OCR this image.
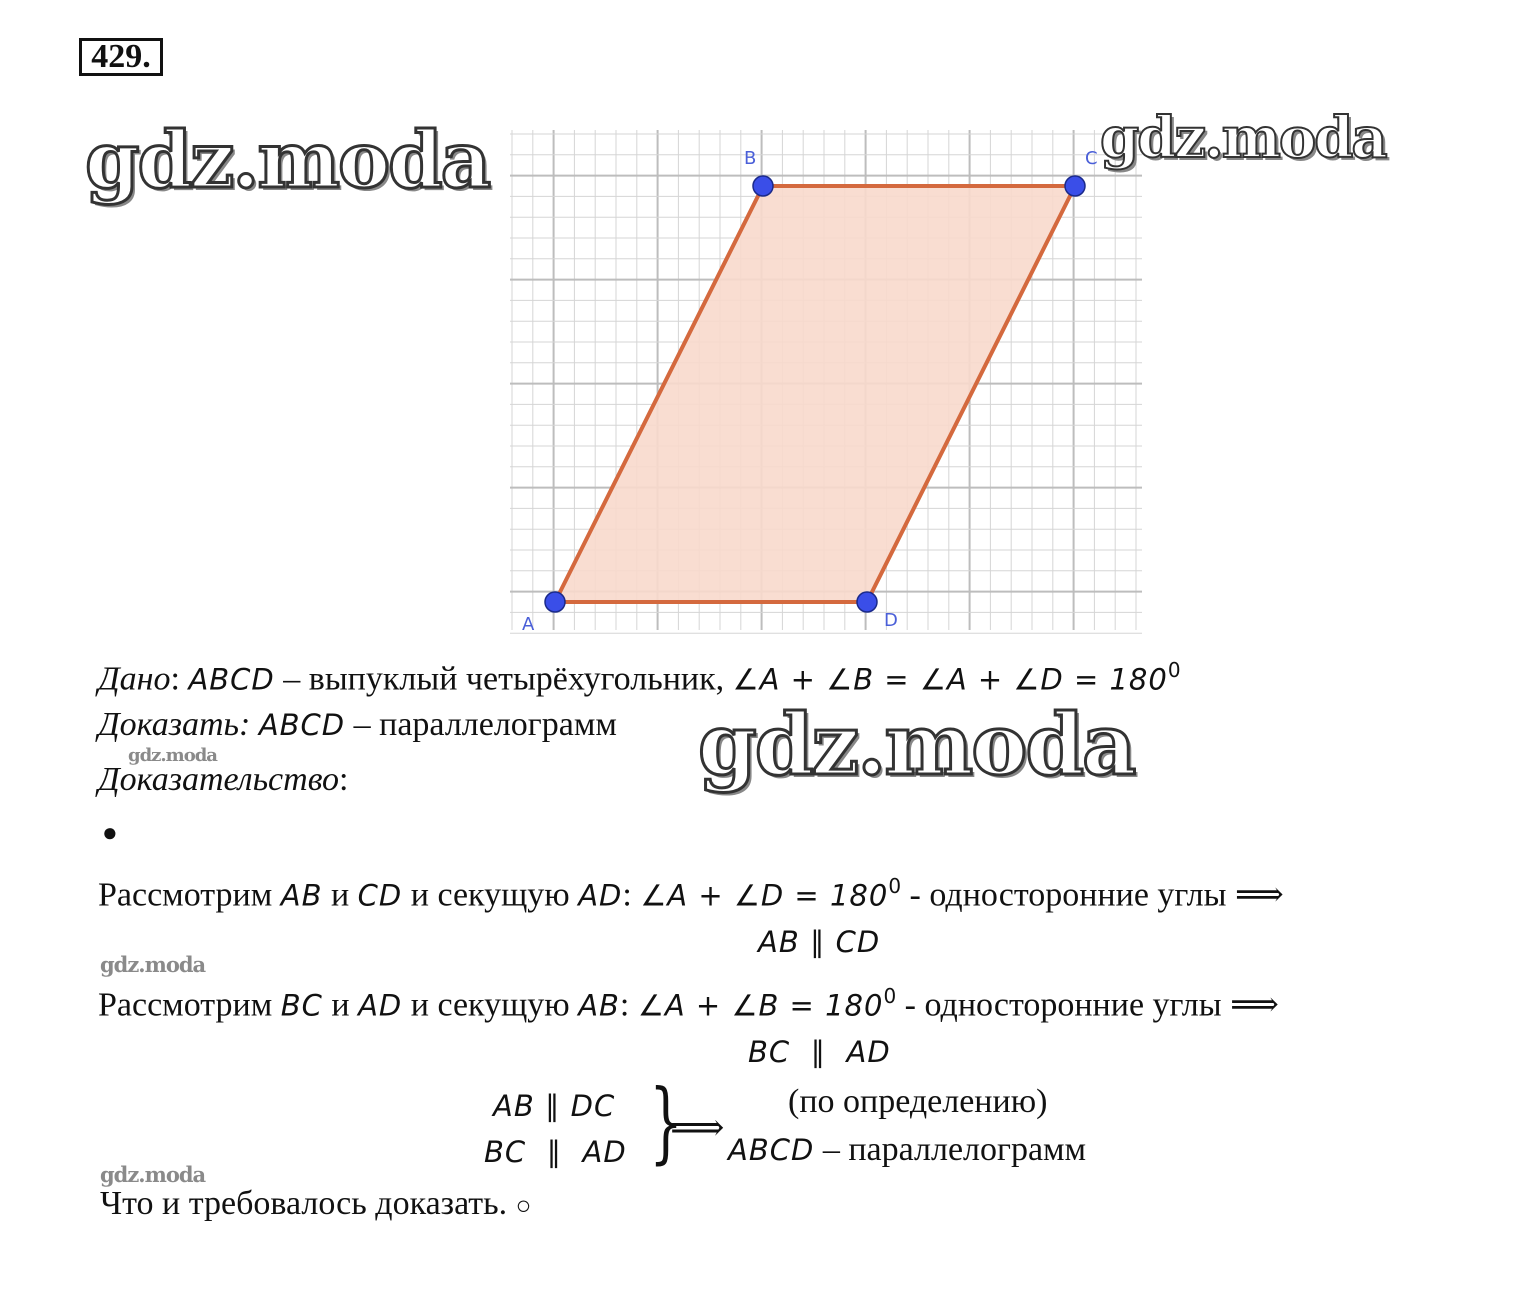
429.
B	C
A	D
gdz.moda	gdz.moda
Дано: ABCD – выпуклый четырёхугольник, ∠A + ∠B = ∠A + ∠D = $180^0$
Доказать: ABCD – параллелограмм gdz.moda
gdz.moda
Доказательство:
●
Рассмотрим AB и CD и секущую AD: ∠A + ∠D = $180^0$ - односторонние углы ⟹
AB ∥ CD
gdz.moda
Рассмотрим BC и AD и секущую AB: ∠A + ∠B = $180^0$ - односторонние углы ⟹
BC  ∥  AD
AB ∥ DC
BC  ∥  AD }
⟹
(по определению)
ABCD – параллелограмм
gdz.moda
Что и требовалось доказать. ○
